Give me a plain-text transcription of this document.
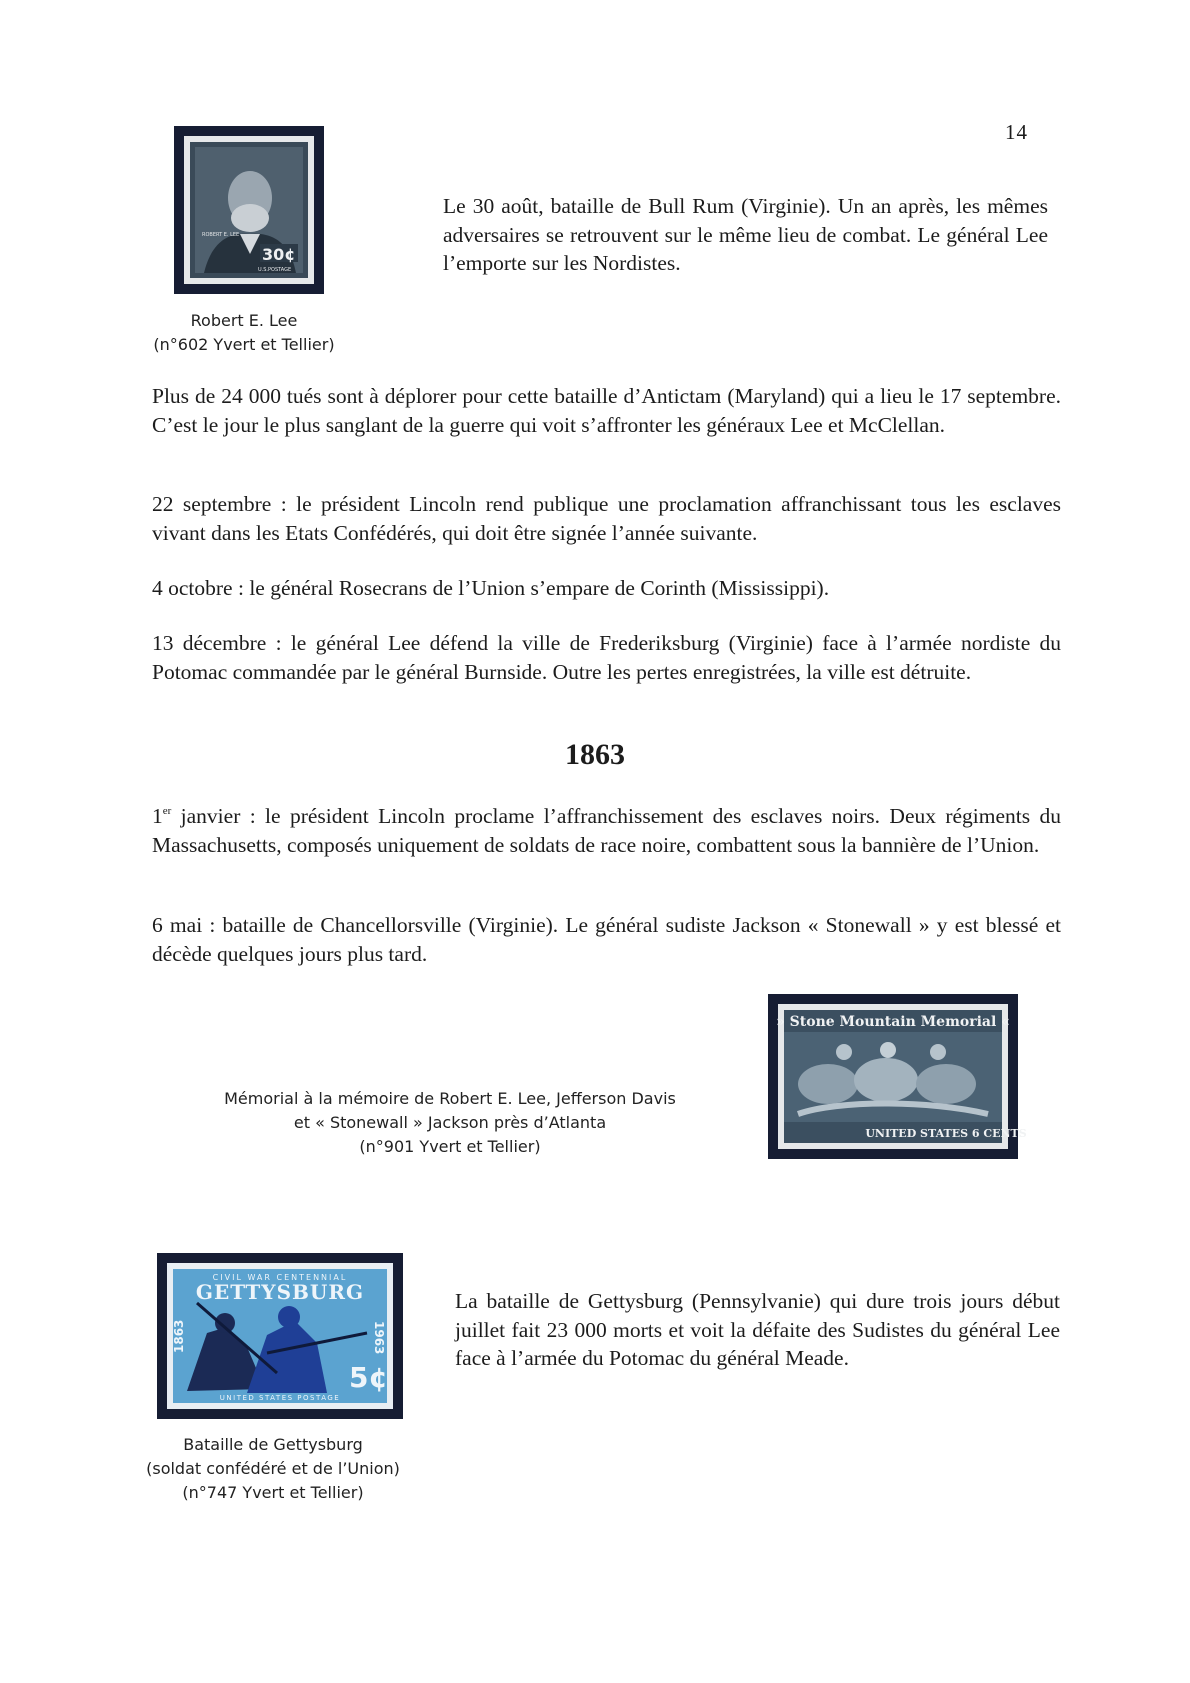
14
ROBERT E. LEE
30¢
U.S.POSTAGE
Robert E. Lee
(n°602 Yvert et Tellier)
Le 30 août, bataille de Bull Rum (Virginie). Un an après, les mêmes adversaires se retrouvent sur le même lieu de combat. Le général Lee l’emporte sur les Nordistes.
Plus de 24 000 tués sont à déplorer pour cette bataille d’Antictam (Maryland) qui a lieu le 17 septembre. C’est le jour le plus sanglant de la guerre qui voit s’affronter les généraux Lee et McClellan.
22 septembre : le président Lincoln rend publique une proclamation affranchissant tous les esclaves vivant dans les Etats Confédérés, qui doit être signée l’année suivante.
4 octobre : le général Rosecrans de l’Union s’empare de Corinth (Mississippi).
13 décembre : le général Lee défend la ville de Frederiksburg (Virginie) face à l’armée nordiste du Potomac commandée par le général Burnside. Outre les pertes enregistrées, la ville est détruite.
1863
1er janvier : le président Lincoln proclame l’affranchissement des esclaves noirs. Deux régiments du Massachusetts, composés uniquement de soldats de race noire, combattent sous la bannière de l’Union.
6 mai : bataille de Chancellorsville (Virginie). Le général sudiste Jackson « Stonewall » y est blessé et décède quelques jours plus tard.
Mémorial à la mémoire de Robert E. Lee, Jefferson Davis
et « Stonewall » Jackson près d’Atlanta
(n°901 Yvert et Tellier)
» Stone Mountain Memorial «
UNITED STATES 6 CENTS
CIVIL WAR CENTENNIAL
GETTYSBURG
1863	1963
5¢
UNITED STATES POSTAGE
Bataille de Gettysburg
(soldat confédéré et de l’Union)
(n°747 Yvert et Tellier)
La bataille de Gettysburg (Pennsylvanie) qui dure trois jours début juillet fait 23 000 morts et voit la défaite des Sudistes du général Lee face à l’armée du Potomac du général Meade.
